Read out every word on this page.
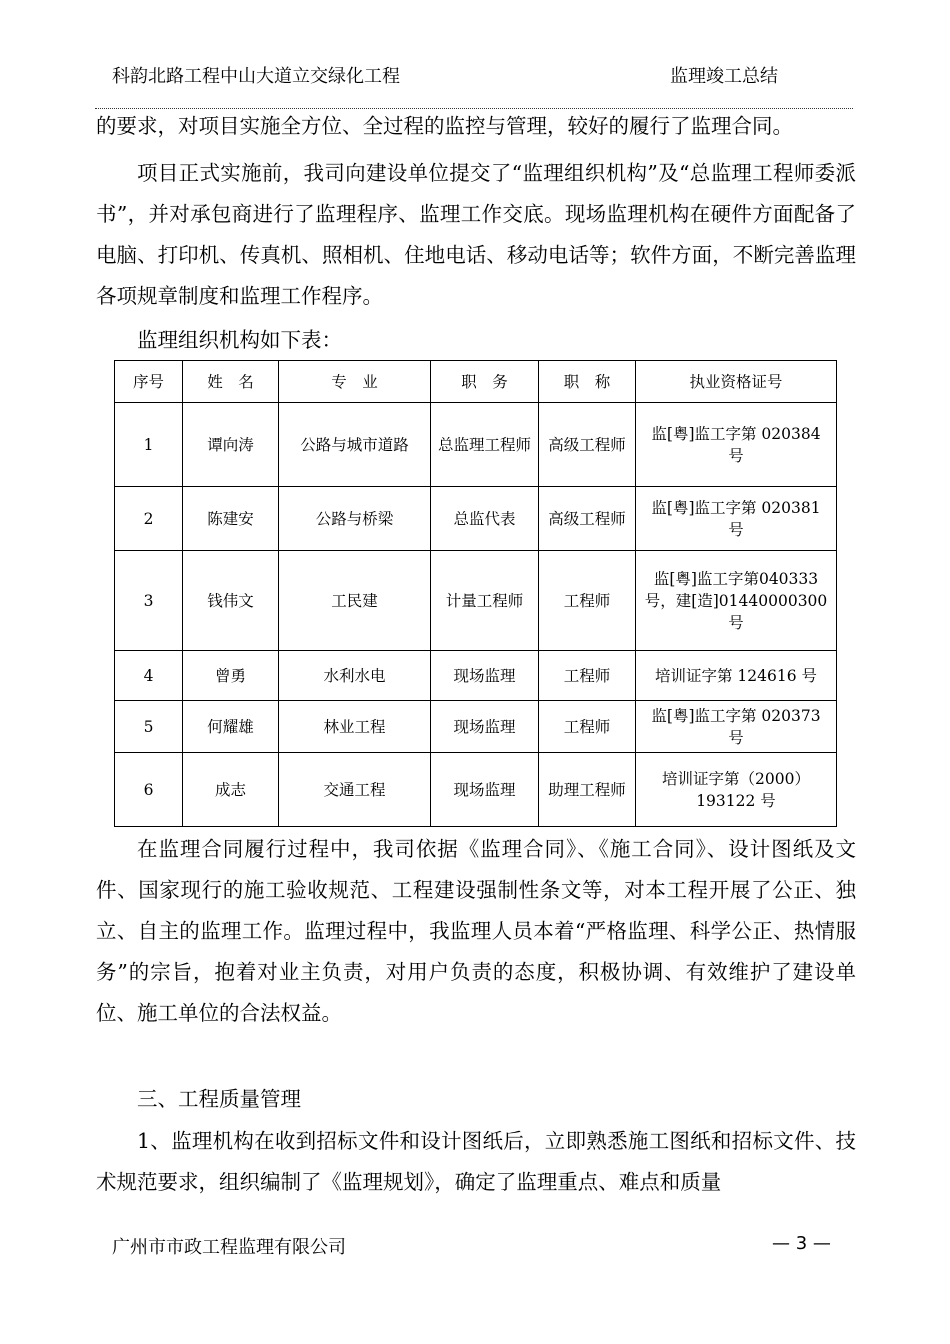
科韵北路工程中山大道立交绿化工程	监理竣工总结

的要求，对项目实施全方位、全过程的监控与管理，较好的履行了监理合同。

项目正式实施前，我司向建设单位提交了“监理组织机构”及“总监理工程师委派书”，并对承包商进行了监理程序、监理工作交底。现场监理机构在硬件方面配备了电脑、打印机、传真机、照相机、住地电话、移动电话等；软件方面，不断完善监理各项规章制度和监理工作程序。

监理组织机构如下表：

序号	姓　名	专　业	职　务	职　称	执业资格证号
1	谭向涛	公路与城市道路	总监理工程师	高级工程师	监[粤]监工字第 020384 号
2	陈建安	公路与桥梁	总监代表	高级工程师	监[粤]监工字第 020381 号
3	钱伟文	工民建	计量工程师	工程师	监[粤]监工字第040333号，建[造]01440000300 号
4	曾勇	水利水电	现场监理	工程师	培训证字第 124616 号
5	何耀雄	林业工程	现场监理	工程师	监[粤]监工字第 020373 号
6	成志	交通工程	现场监理	助理工程师	培训证字第（2000）193122 号

在监理合同履行过程中，我司依据《监理合同》、《施工合同》、设计图纸及文件、国家现行的施工验收规范、工程建设强制性条文等，对本工程开展了公正、独立、自主的监理工作。监理过程中，我监理人员本着“严格监理、科学公正、热情服务”的宗旨，抱着对业主负责，对用户负责的态度，积极协调、有效维护了建设单位、施工单位的合法权益。

三、工程质量管理

1、监理机构在收到招标文件和设计图纸后，立即熟悉施工图纸和招标文件、技术规范要求，组织编制了《监理规划》，确定了监理重点、难点和质量

广州市市政工程监理有限公司	— 3 —
